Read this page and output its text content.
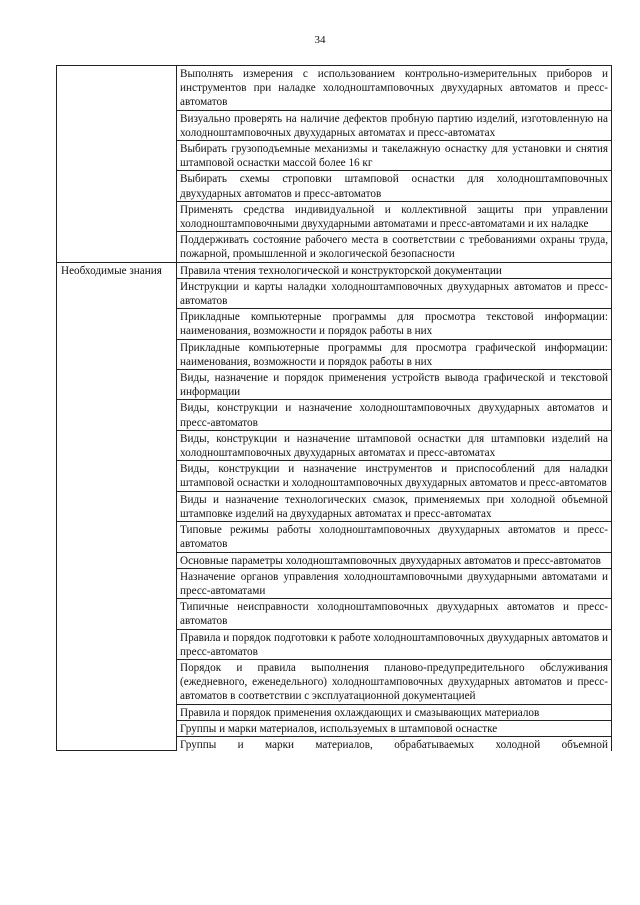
34
	Выполнять измерения с использованием контрольно-измерительных приборов и инструментов при наладке холодноштамповочных двухударных автоматов и пресс-автоматов
	Визуально проверять на наличие дефектов пробную партию изделий, изготовленную на холодноштамповочных двухударных автоматах и пресс-автоматах
	Выбирать грузоподъемные механизмы и такелажную оснастку для установки и снятия штамповой оснастки массой более 16 кг
	Выбирать схемы строповки штамповой оснастки для холодноштамповочных двухударных автоматов и пресс-автоматов
	Применять средства индивидуальной и коллективной защиты при управлении холодноштамповочными двухударными автоматами и пресс-автоматами и их наладке
	Поддерживать состояние рабочего места в соответствии с требованиями охраны труда, пожарной, промышленной и экологической безопасности
Необходимые знания	Правила чтения технологической и конструкторской документации
	Инструкции и карты наладки холодноштамповочных двухударных автоматов и пресс-автоматов
	Прикладные компьютерные программы для просмотра текстовой информации: наименования, возможности и порядок работы в них
	Прикладные компьютерные программы для просмотра графической информации: наименования, возможности и порядок работы в них
	Виды, назначение и порядок применения устройств вывода графической и текстовой информации
	Виды, конструкции и назначение холодноштамповочных двухударных автоматов и пресс-автоматов
	Виды, конструкции и назначение штамповой оснастки для штамповки изделий на холодноштамповочных двухударных автоматах и пресс-автоматах
	Виды, конструкции и назначение инструментов и приспособлений для наладки штамповой оснастки и холодноштамповочных двухударных автоматов и пресс-автоматов
	Виды и назначение технологических смазок, применяемых при холодной объемной штамповке изделий на двухударных автоматах и пресс-автоматах
	Типовые режимы работы холодноштамповочных двухударных автоматов и пресс-автоматов
	Основные параметры холодноштамповочных двухударных автоматов и пресс-автоматов
	Назначение органов управления холодноштамповочными двухударными автоматами и пресс-автоматами
	Типичные неисправности холодноштамповочных двухударных автоматов и пресс-автоматов
	Правила и порядок подготовки к работе холодноштамповочных двухударных автоматов и пресс-автоматов
	Порядок и правила выполнения планово-предупредительного обслуживания (ежедневного, еженедельного) холодноштамповочных двухударных автоматов и пресс-автоматов в соответствии с эксплуатационной документацией
	Правила и порядок применения охлаждающих и смазывающих материалов
	Группы и марки материалов, используемых в штамповой оснастке

	Группы и марки материалов, обрабатываемых холодной объемной
